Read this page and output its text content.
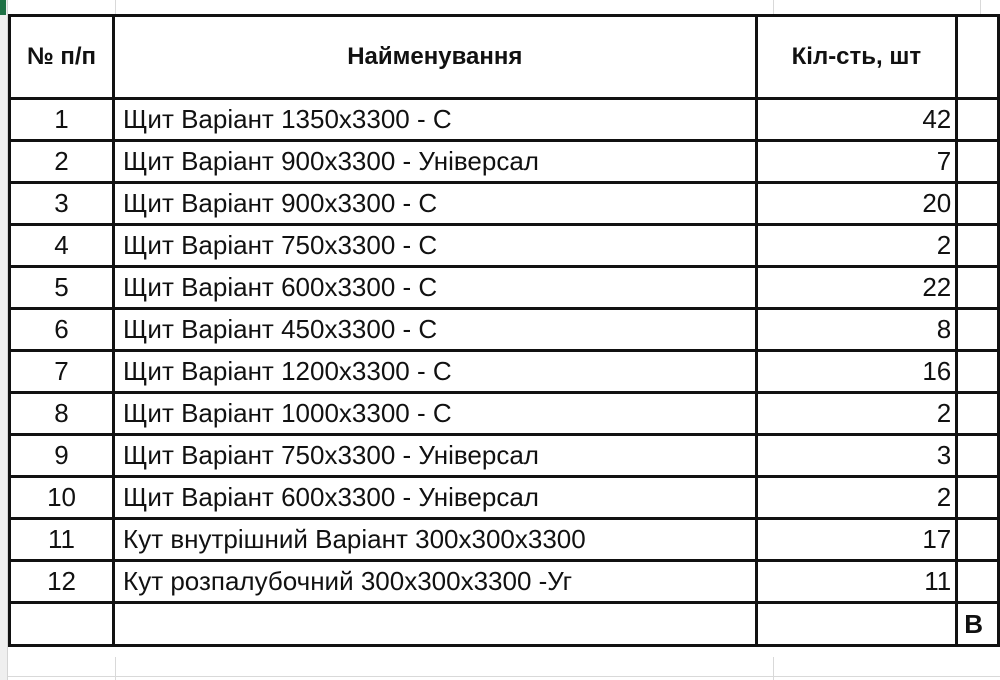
№ п/п	Найменування	Кіл-сть, шт	
1	Щит Варіант 1350х3300 - С	42	
2	Щит Варіант 900х3300 - Універсал	7	
3	Щит Варіант 900х3300 - С	20	
4	Щит Варіант 750х3300 - С	2	
5	Щит Варіант 600х3300 - С	22	
6	Щит Варіант 450х3300 - С	8	
7	Щит Варіант 1200х3300 - С	16	
8	Щит Варіант 1000х3300 - С	2	
9	Щит Варіант 750х3300 - Універсал	3	
10	Щит Варіант 600х3300 - Універсал	2	
11	Кут внутрішний Варіант 300х300х3300	17	
12	Кут розпалубочний 300х300х3300 -Уг	11	
			В
